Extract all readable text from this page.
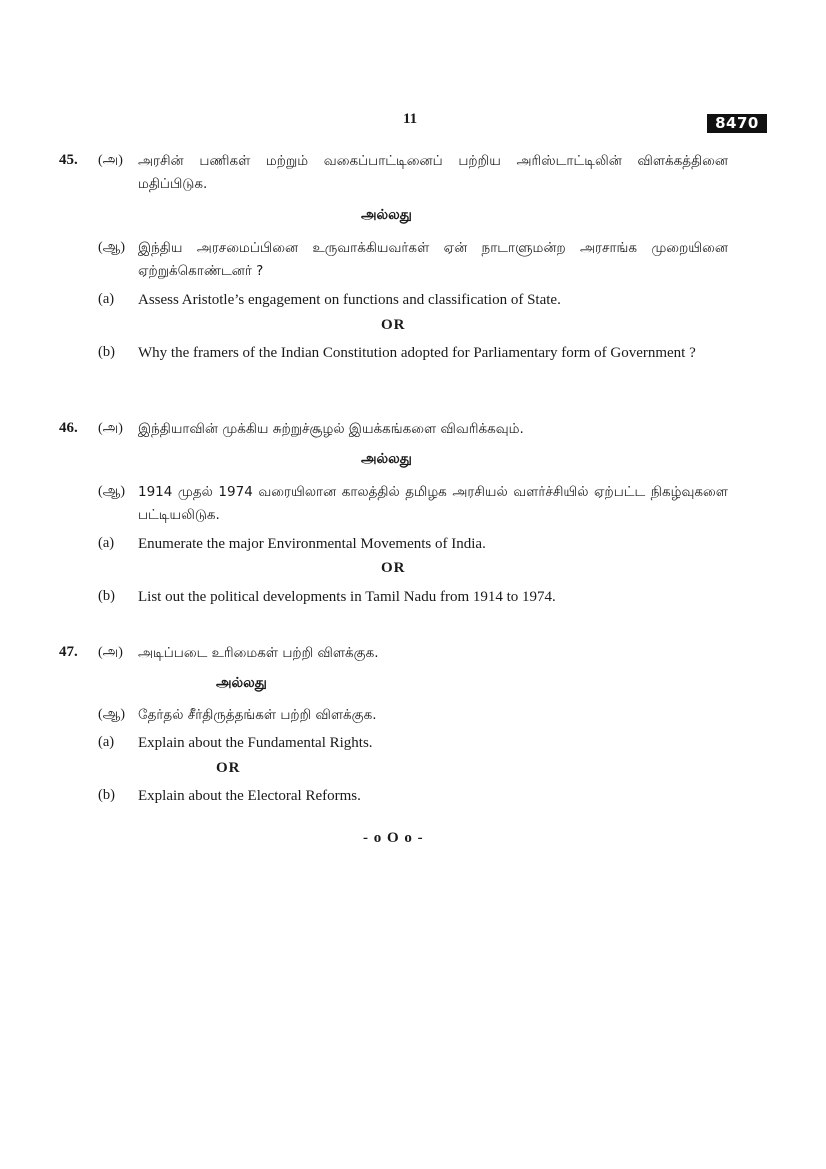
11	8470
45. (அ) அரசின் பணிகள் மற்றும் வகைப்பாட்டினைப் பற்றிய அரிஸ்டாட்டிலின் விளக்கத்தினை மதிப்பிடுக.
அல்லது
(ஆ) இந்திய அரசமைப்பினை உருவாக்கியவர்கள் ஏன் நாடாளுமன்ற அரசாங்க முறையினை ஏற்றுக்கொண்டனர் ?
(a) Assess Aristotle’s engagement on functions and classification of State.
OR
(b) Why the framers of the Indian Constitution adopted for Parliamentary form of Government ?
46. (அ) இந்தியாவின் முக்கிய சுற்றுச்சூழல் இயக்கங்களை விவரிக்கவும்.
அல்லது
(ஆ) 1914 முதல் 1974 வரையிலான காலத்தில் தமிழக அரசியல் வளர்ச்சியில் ஏற்பட்ட நிகழ்வுகளை பட்டியலிடுக.
(a) Enumerate the major Environmental Movements of India.
OR
(b) List out the political developments in Tamil Nadu from 1914 to 1974.
47. (அ) அடிப்படை உரிமைகள் பற்றி விளக்குக.
அல்லது
(ஆ) தேர்தல் சீர்திருத்தங்கள் பற்றி விளக்குக.
(a) Explain about the Fundamental Rights.
OR
(b) Explain about the Electoral Reforms.
- o O o -
